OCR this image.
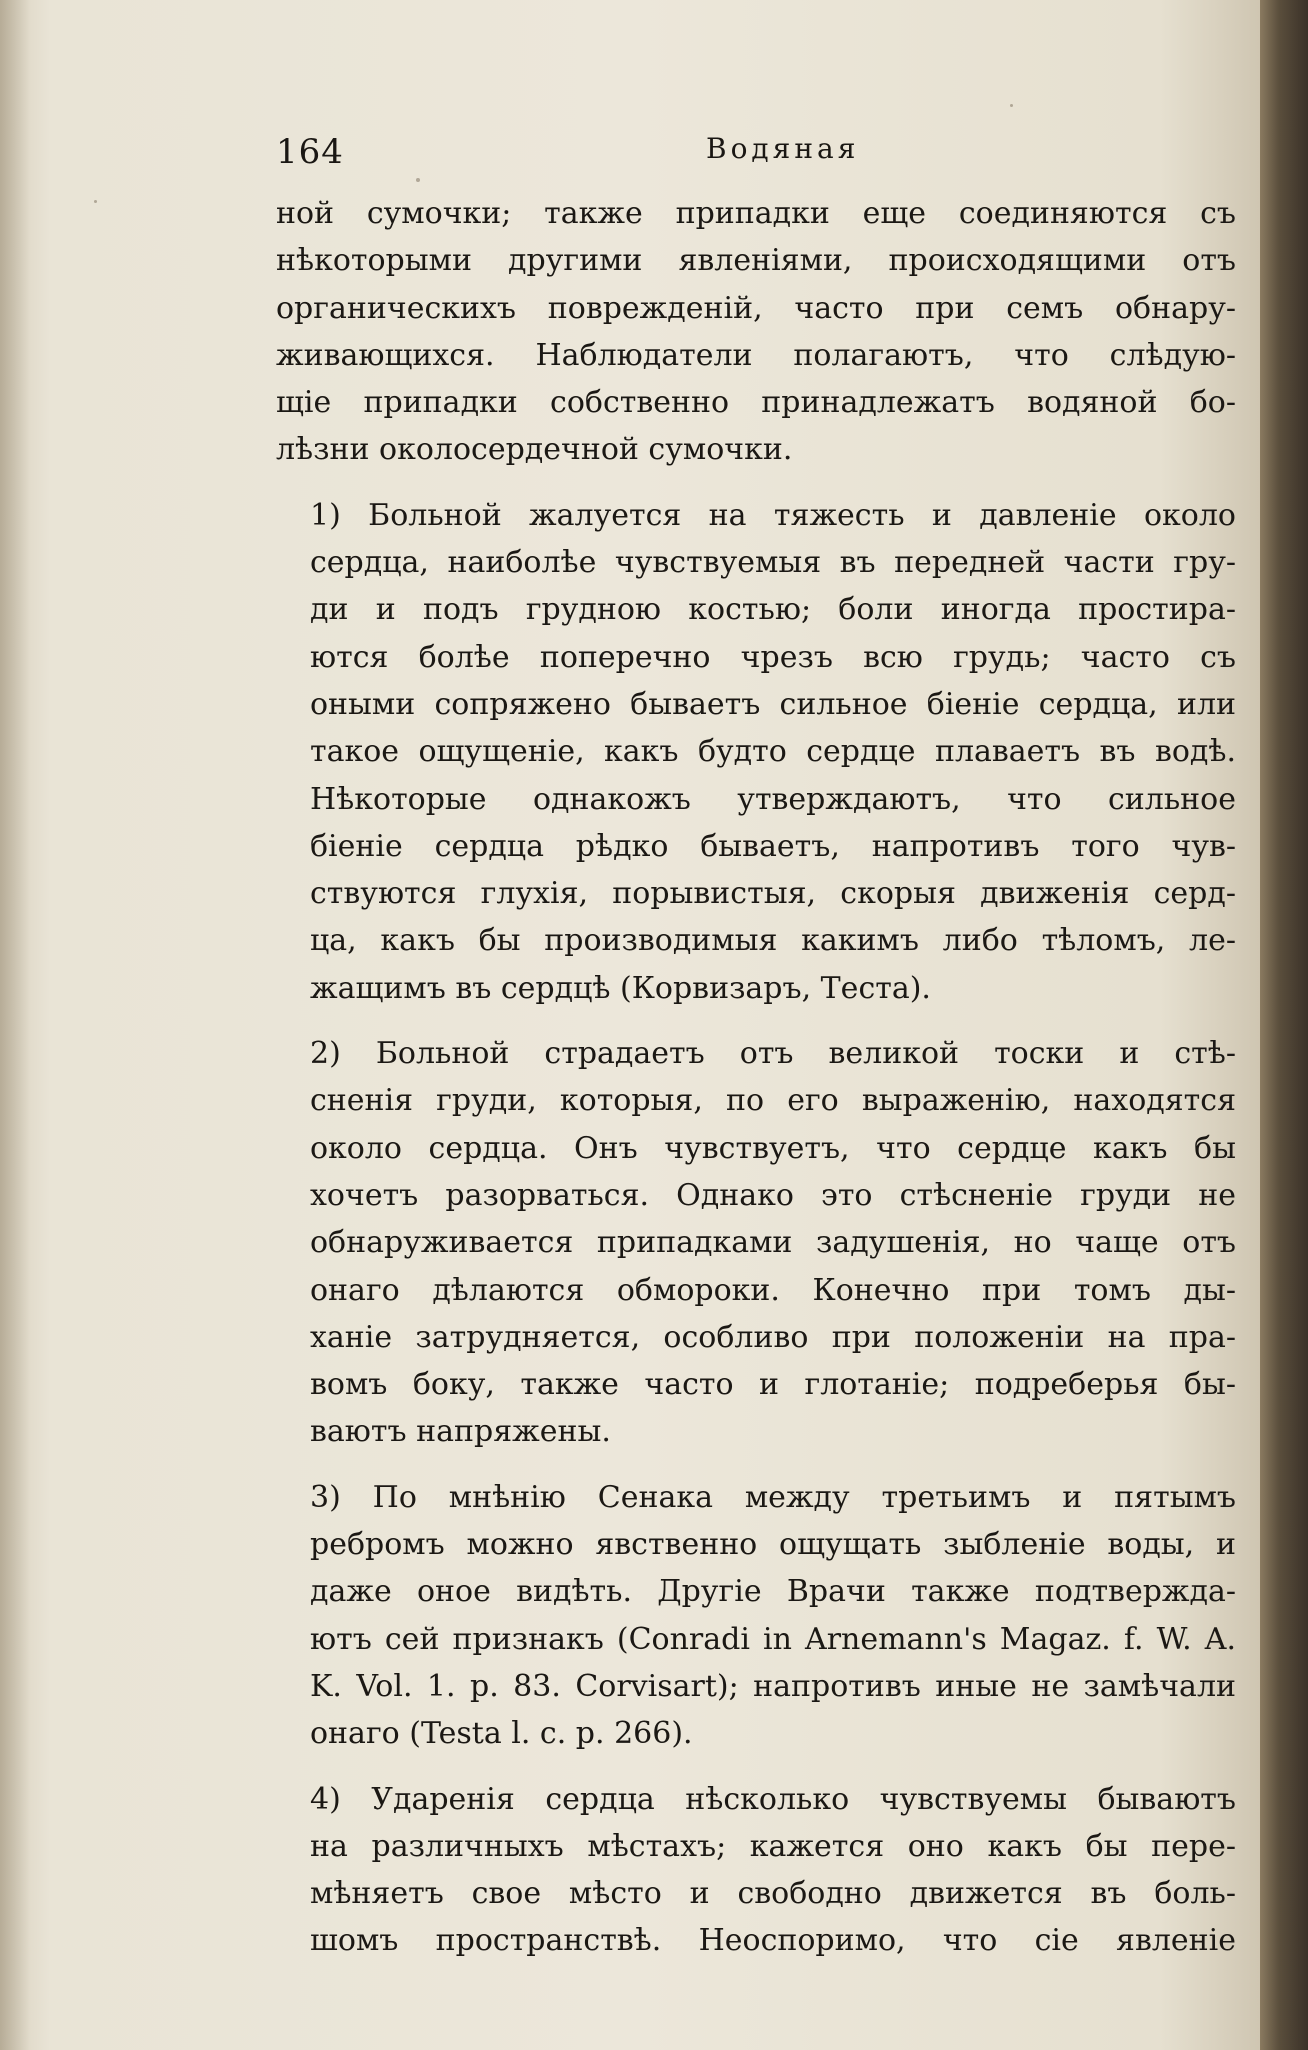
164	Водяная

ной сумочки; также припадки еще соединяются съ
нѣкоторыми другими явленіями, происходящими отъ
органическихъ поврежденій, часто при семъ обнару-
живающихся. Наблюдатели полагаютъ, что слѣдую-
щіе припадки собственно принадлежатъ водяной бо-
лѣзни околосердечной сумочки.

1) Больной жалуется на тяжесть и давленіе около
сердца, наиболѣе чувствуемыя въ передней части гру-
ди и подъ грудною костью; боли иногда простира-
ются болѣе поперечно чрезъ всю грудь; часто съ
оными сопряжено бываетъ сильное біеніе сердца, или
такое ощущеніе, какъ будто сердце плаваетъ въ водѣ.
Нѣкоторые однакожъ утверждаютъ, что сильное
біеніе сердца рѣдко бываетъ, напротивъ того чув-
ствуются глухія, порывистыя, скорыя движенія серд-
ца, какъ бы производимыя какимъ либо тѣломъ, ле-
жащимъ въ сердцѣ (Корвизаръ, Теста).

2) Больной страдаетъ отъ великой тоски и стѣ-
сненія груди, которыя, по его выраженію, находятся
около сердца. Онъ чувствуетъ, что сердце какъ бы
хочетъ разорваться. Однако это стѣсненіе груди не
обнаруживается припадками задушенія, но чаще отъ
онаго дѣлаются обмороки. Конечно при томъ ды-
ханіе затрудняется, особливо при положеніи на пра-
вомъ боку, также часто и глотаніе; подреберья бы-
ваютъ напряжены.

3) По мнѣнію Сенака между третьимъ и пятымъ
ребромъ можно явственно ощущать зыбленіе воды, и
даже оное видѣть. Другіе Врачи также подтвержда-
ютъ сей признакъ (Conradi in Arnemann's Magaz. f. W. A.
K. Vol. 1. p. 83. Corvisart); напротивъ иные не замѣчали
онаго (Testa l. c. p. 266).

4) Ударенія сердца нѣсколько чувствуемы бываютъ
на различныхъ мѣстахъ; кажется оно какъ бы пере-
мѣняетъ свое мѣсто и свободно движется въ боль-
шомъ пространствѣ. Неоспоримо, что сіе явленіе
